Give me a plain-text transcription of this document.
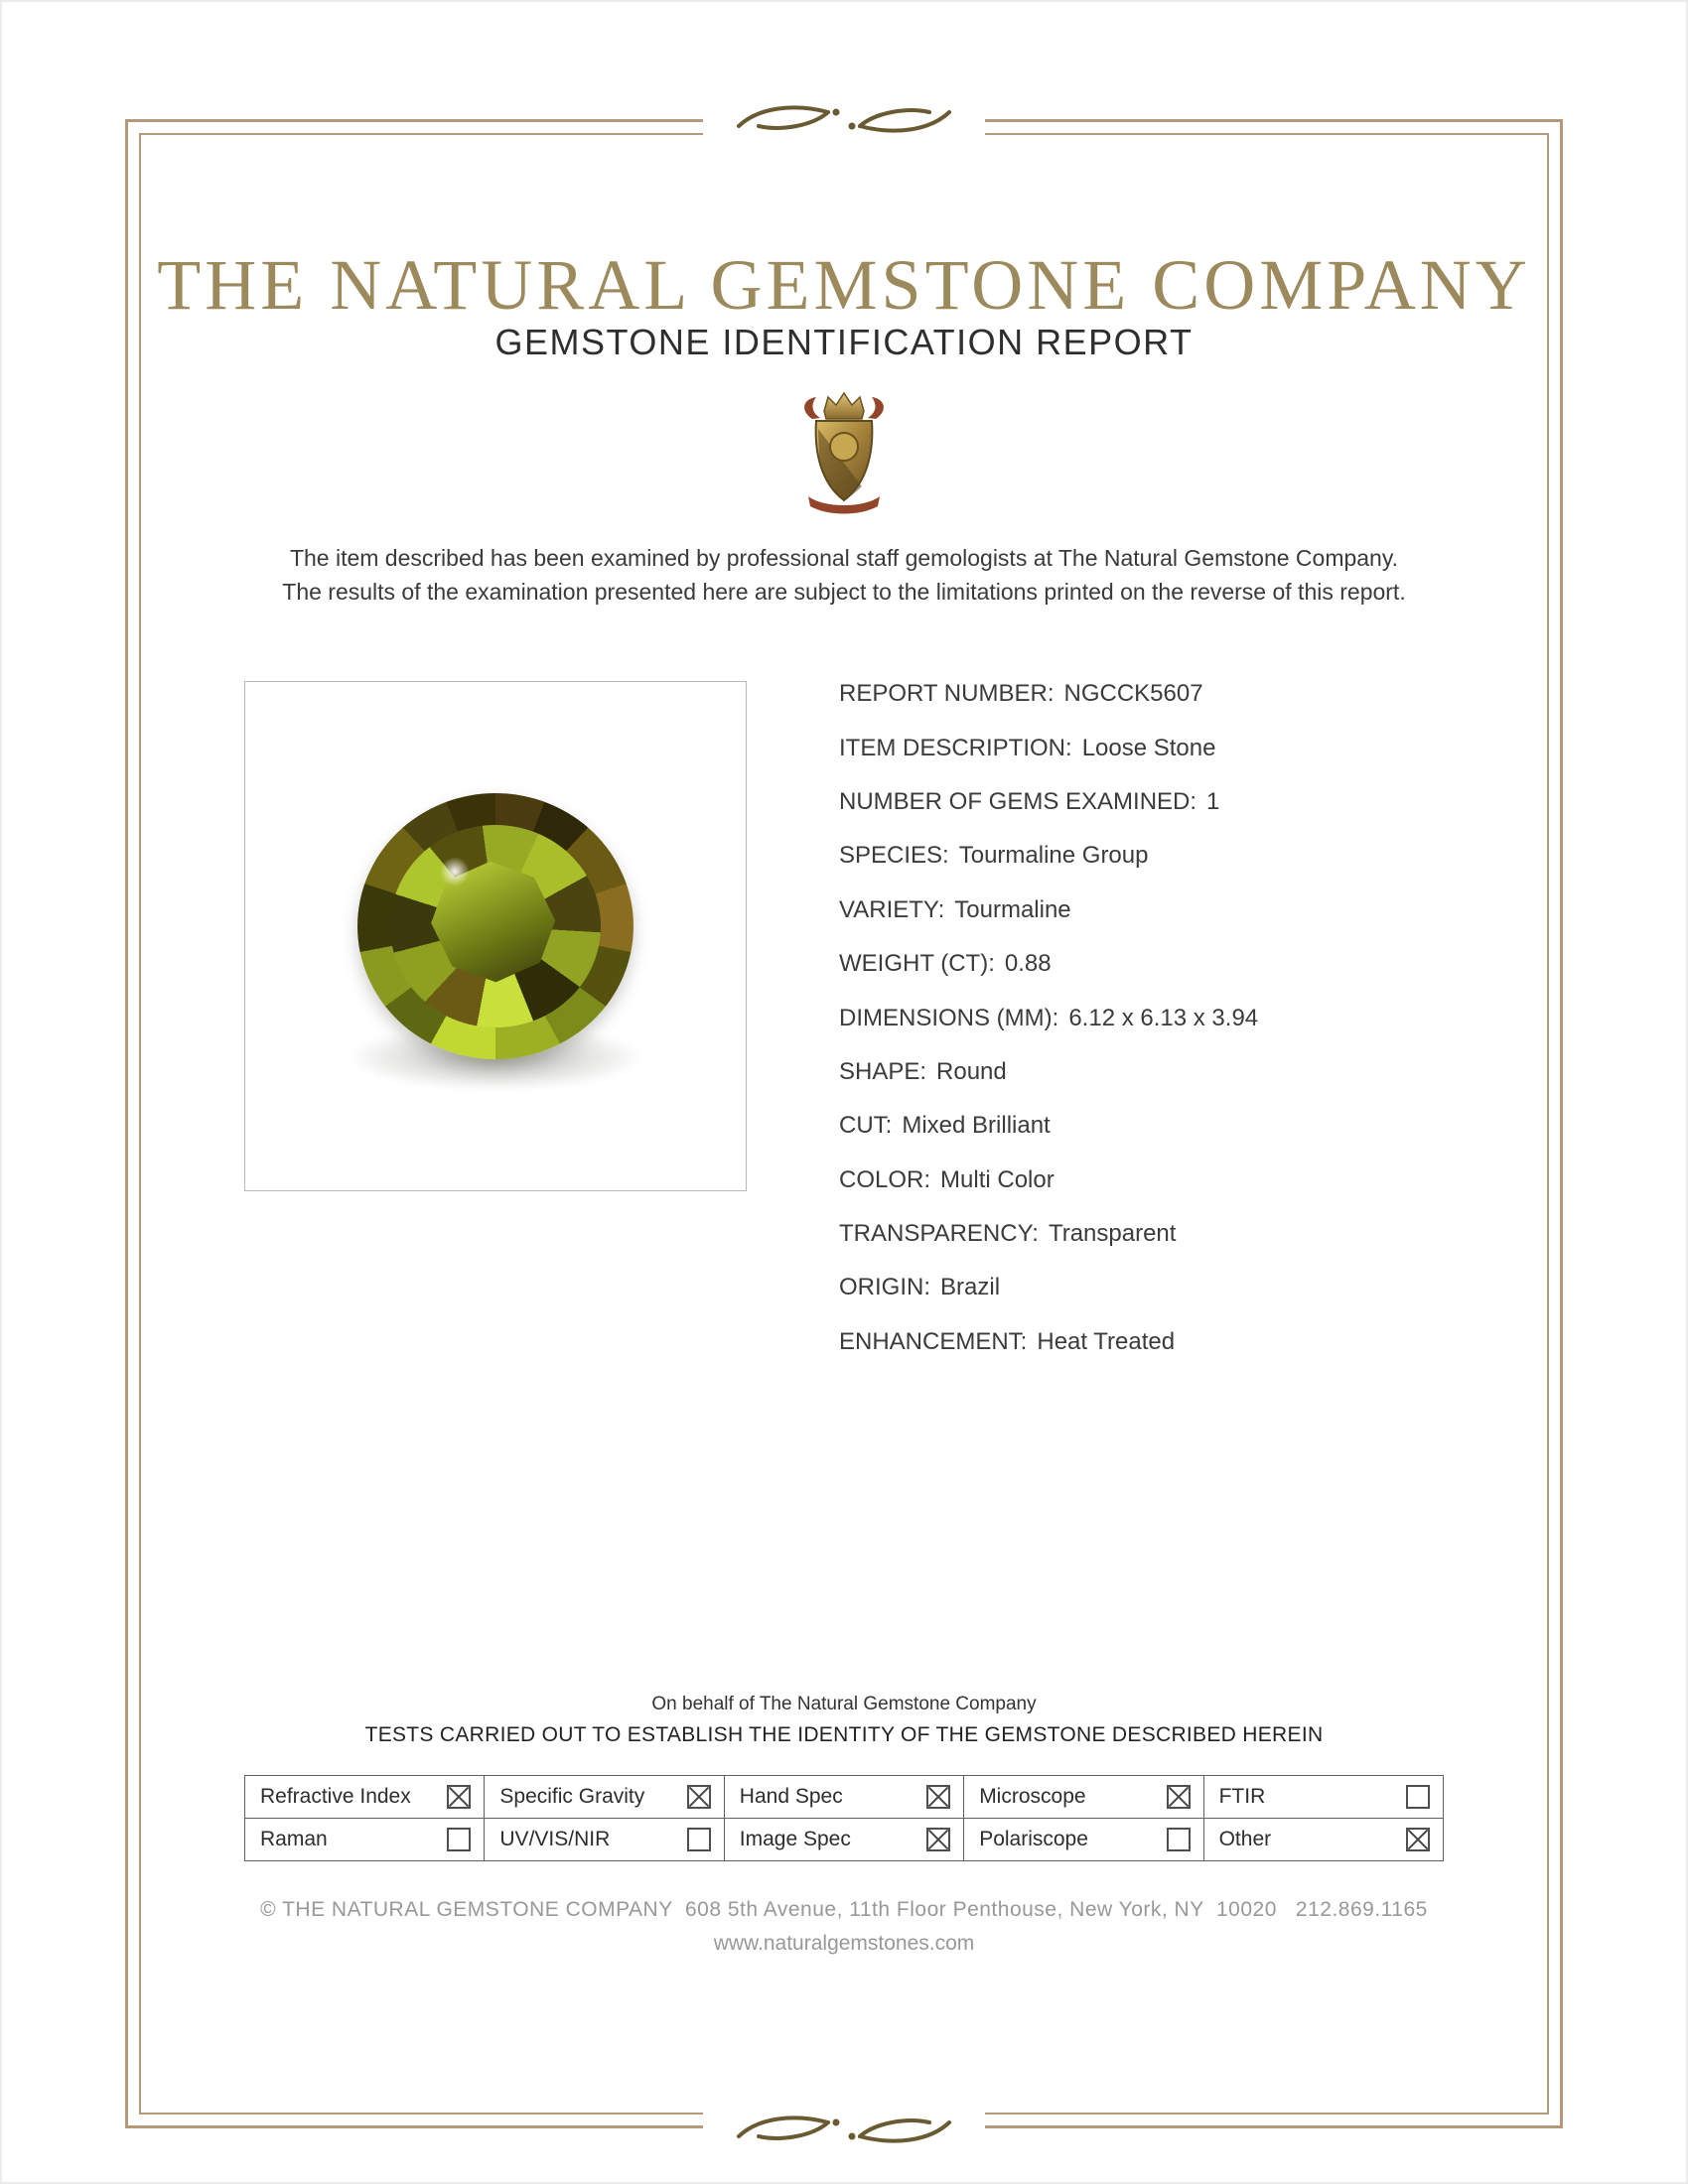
THE NATURAL GEMSTONE COMPANY
GEMSTONE IDENTIFICATION REPORT

The item described has been examined by professional staff gemologists at The Natural Gemstone Company.
The results of the examination presented here are subject to the limitations printed on the reverse of this report.

REPORT NUMBER: NGCCK5607
ITEM DESCRIPTION: Loose Stone
NUMBER OF GEMS EXAMINED: 1
SPECIES: Tourmaline Group
VARIETY: Tourmaline
WEIGHT (CT): 0.88
DIMENSIONS (MM): 6.12 x 6.13 x 3.94
SHAPE: Round
CUT: Mixed Brilliant
COLOR: Multi Color
TRANSPARENCY: Transparent
ORIGIN: Brazil
ENHANCEMENT: Heat Treated

On behalf of The Natural Gemstone Company

TESTS CARRIED OUT TO ESTABLISH THE IDENTITY OF THE GEMSTONE DESCRIBED HEREIN

Refractive Index	Specific Gravity	Hand Spec	Microscope	FTIR
Raman	UV/VIS/NIR	Image Spec	Polariscope	Other

© THE NATURAL GEMSTONE COMPANY  608 5th Avenue, 11th Floor Penthouse, New York, NY  10020   212.869.1165

www.naturalgemstones.com
